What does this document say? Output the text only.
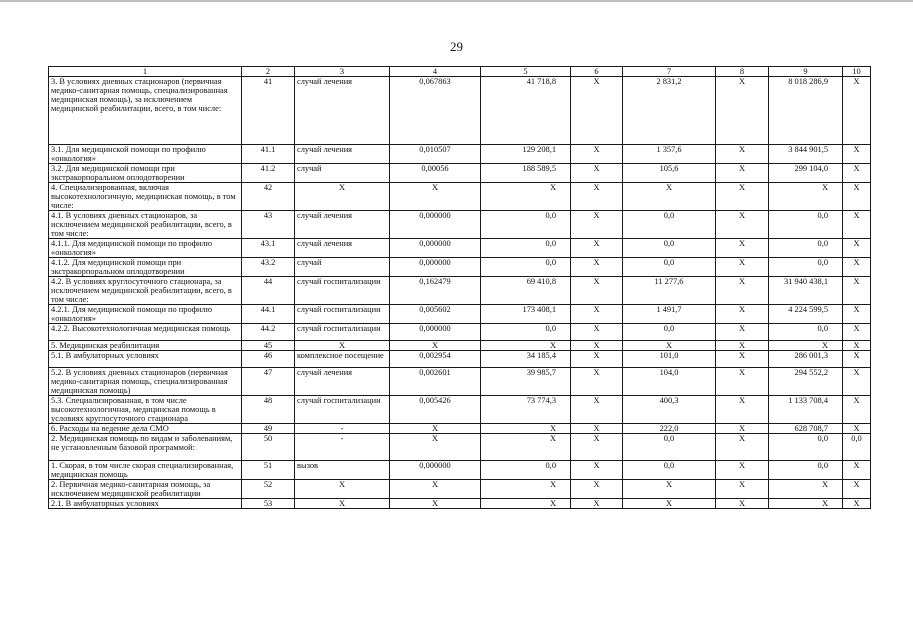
29
1	2	3	4	5	6	7	8	9	10
3. В условиях дневных стационаров (первичная медико-санитарная помощь, специализированная медицинская помощь), за исключением медицинской реабилитации, всего, в том числе:	41	случай лечения	0,067863	41 718,8	X	2 831,2	X	8 018 286,9	X
3.1. Для медицинской помощи по профилю «онкология»	41.1	случай лечения	0,010507	129 208,1	X	1 357,6	X	3 844 901,5	X
3.2. Для медицинской помощи при экстракорпоральном оплодотворении	41.2	случай	0,00056	188 589,5	X	105,6	X	299 104,0	X
4. Специализированная, включая высокотехнологичную, медицинская помощь, в том числе:	42	X	X	X	X	X	X	X	X
4.1. В условиях дневных стационаров, за исключением медицинской реабилитации, всего, в том числе:	43	случай лечения	0,000000	0,0	X	0,0	X	0,0	X
4.1.1. Для медицинской помощи по профилю «онкология»	43.1	случай лечения	0,000000	0,0	X	0,0	X	0,0	X
4.1.2. Для медицинской помощи при экстракорпоральном оплодотворении	43.2	случай	0,000000	0,0	X	0,0	X	0,0	X
4.2. В условиях круглосуточного стационара, за исключением медицинской реабилитации, всего, в том числе:	44	случай госпитализации	0,162479	69 410,8	X	11 277,6	X	31 940 438,1	X
4.2.1. Для медицинской помощи по профилю «онкология»	44.1	случай госпитализации	0,005602	173 408,1	X	1 491,7	X	4 224 599,5	X
4.2.2. Высокотехнологичная медицинская помощь	44.2	случай госпитализации	0,000000	0,0	X	0,0	X	0,0	X
5. Медицинская реабилитация	45	X	X	X	X	X	X	X	X
5.1. В амбулаторных условиях	46	комплексное посещение	0,002954	34 185,4	X	101,0	X	286 001,3	X
5.2. В условиях дневных стационаров (первичная медико-санитарная помощь, специализированная медицинская помощь)	47	случай лечения	0,002601	39 985,7	X	104,0	X	294 552,2	X
5.3. Специализированная, в том числе высокотехнологичная, медицинская помощь в условиях круглосуточного стационара	48	случай госпитализации	0,005426	73 774,3	X	400,3	X	1 133 708,4	X
6. Расходы на ведение дела СМО	49	-	X	X	X	222,0	X	628 708,7	X
2. Медицинская помощь по видам и заболеваниям, не установленным базовой программой:	50	-	X	X	X	0,0	X	0,0	0,0
1. Скорая, в том числе скорая специализированная, медицинская помощь	51	вызов	0,000000	0,0	X	0,0	X	0,0	X
2. Первичная медико-санитарная помощь, за исключением медицинской реабилитации	52	X	X	X	X	X	X	X	X
2.1. В амбулаторных условиях	53	X	X	X	X	X	X	X	X
